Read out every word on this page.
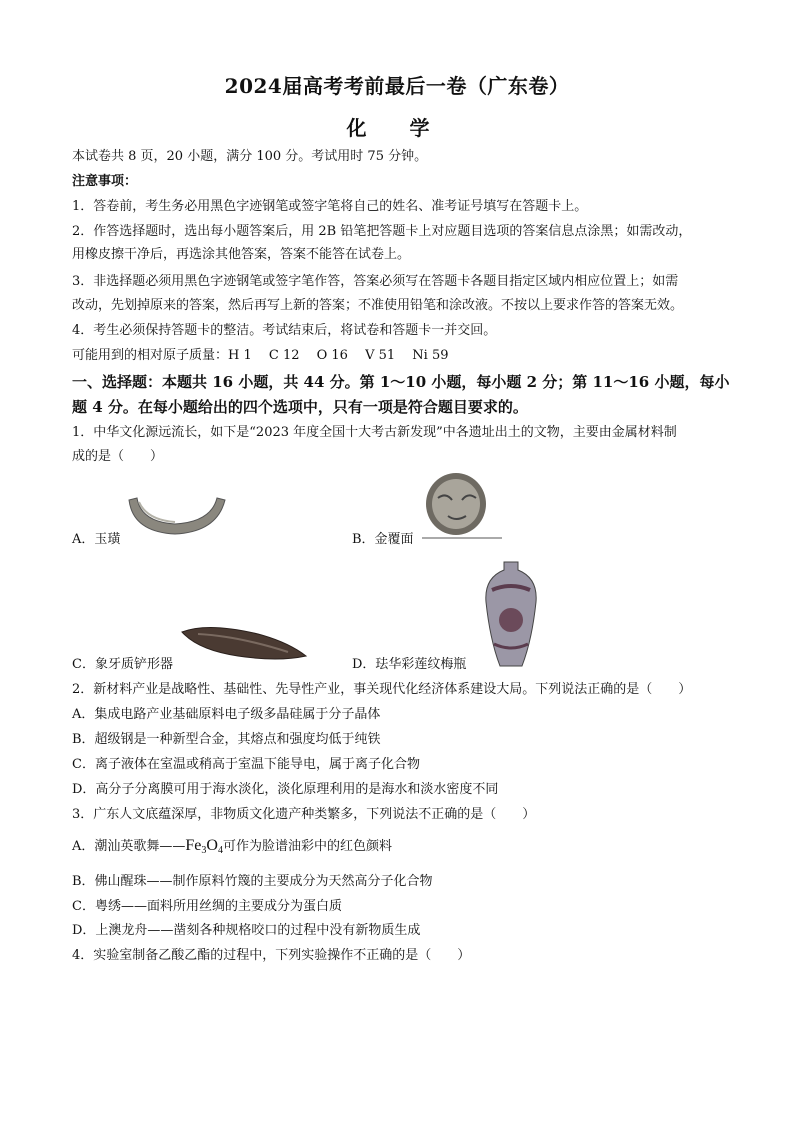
2024届高考考前最后一卷（广东卷）
化 学
本试卷共 8 页，20 小题，满分 100 分。考试用时 75 分钟。
注意事项：
1．答卷前，考生务必用黑色字迹钢笔或签字笔将自己的姓名、准考证号填写在答题卡上。
2．作答选择题时，选出每小题答案后，用 2B 铅笔把答题卡上对应题目选项的答案信息点涂黑；如需改动，
用橡皮擦干净后，再选涂其他答案，答案不能答在试卷上。
3．非选择题必须用黑色字迹钢笔或签字笔作答，答案必须写在答题卡各题目指定区域内相应位置上；如需
改动，先划掉原来的答案，然后再写上新的答案；不准使用铅笔和涂改液。不按以上要求作答的答案无效。
4．考生必须保持答题卡的整洁。考试结束后，将试卷和答题卡一并交回。
可能用到的相对原子质量：H 1　 C 12　 O 16　 V 51　 Ni 59
一、选择题：本题共 16 小题，共 44 分。第 1～10 小题，每小题 2 分；第 11～16 小题，每小
题 4 分。在每小题给出的四个选项中，只有一项是符合题目要求的。
1．中华文化源远流长，如下是“2023 年度全国十大考古新发现”中各遗址出土的文物，主要由金属材料制
成的是（　　）
A．玉璜	B．金覆面
C．象牙质铲形器	D．珐华彩莲纹梅瓶
2．新材料产业是战略性、基础性、先导性产业，事关现代化经济体系建设大局。下列说法正确的是（　　）
A．集成电路产业基础原料电子级多晶硅属于分子晶体
B．超级钢是一种新型合金，其熔点和强度均低于纯铁
C．离子液体在室温或稍高于室温下能导电，属于离子化合物
D．高分子分离膜可用于海水淡化，淡化原理利用的是海水和淡水密度不同
3．广东人文底蕴深厚，非物质文化遗产种类繁多，下列说法不正确的是（　　）
A．潮汕英歌舞$——Fe_3O_4$可作为脸谱油彩中的红色颜料
B．佛山醒珠——制作原料竹篾的主要成分为天然高分子化合物
C．粤绣——面料所用丝绸的主要成分为蛋白质
D．上澳龙舟——凿刻各种规格咬口的过程中没有新物质生成
4．实验室制备乙酸乙酯的过程中，下列实验操作不正确的是（　　）
